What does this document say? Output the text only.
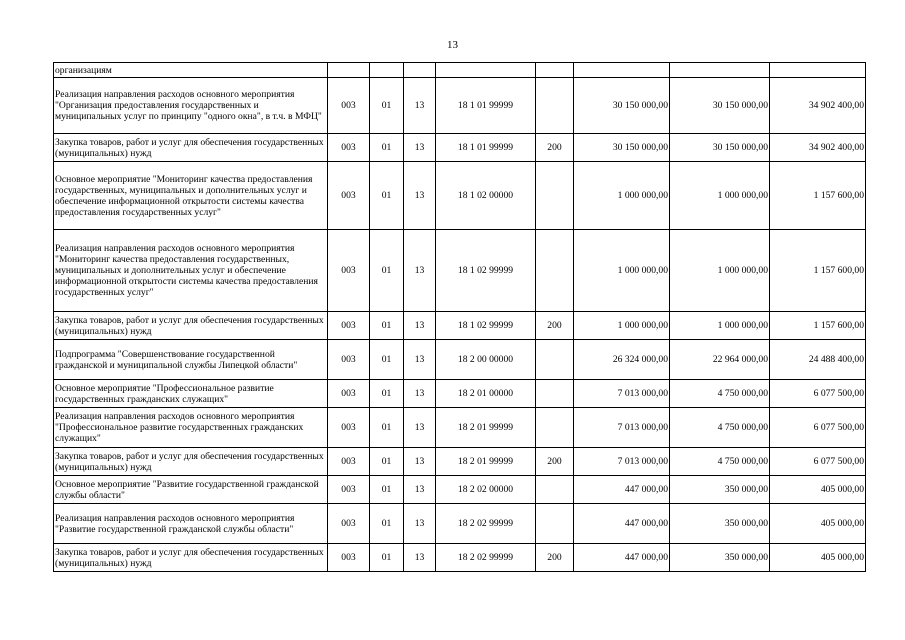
13
организациям								
Реализация направления расходов основного мероприятия "Организация предоставления государственных и муниципальных услуг по принципу "одного окна", в т.ч. в МФЦ"	003	01	13	18 1 01 99999		30 150 000,00	30 150 000,00	34 902 400,00
Закупка товаров, работ и услуг для обеспечения государственных (муниципальных) нужд	003	01	13	18 1 01 99999	200	30 150 000,00	30 150 000,00	34 902 400,00
Основное мероприятие "Мониторинг качества предоставления государственных, муниципальных и дополнительных услуг и обеспечение информационной открытости системы качества предоставления государственных услуг"	003	01	13	18 1 02 00000		1 000 000,00	1 000 000,00	1 157 600,00
Реализация направления расходов основного мероприятия "Мониторинг качества предоставления государственных, муниципальных и дополнительных услуг и обеспечение информационной открытости системы качества предоставления государственных услуг"	003	01	13	18 1 02 99999		1 000 000,00	1 000 000,00	1 157 600,00
Закупка товаров, работ и услуг для обеспечения государственных (муниципальных) нужд	003	01	13	18 1 02 99999	200	1 000 000,00	1 000 000,00	1 157 600,00
Подпрограмма "Совершенствование государственной гражданской и муниципальной службы Липецкой области"	003	01	13	18 2 00 00000		26 324 000,00	22 964 000,00	24 488 400,00
Основное мероприятие "Профессиональное развитие государственных гражданских служащих"	003	01	13	18 2 01 00000		7 013 000,00	4 750 000,00	6 077 500,00
Реализация направления расходов основного мероприятия "Профессиональное развитие государственных гражданских служащих"	003	01	13	18 2 01 99999		7 013 000,00	4 750 000,00	6 077 500,00
Закупка товаров, работ и услуг для обеспечения государственных (муниципальных) нужд	003	01	13	18 2 01 99999	200	7 013 000,00	4 750 000,00	6 077 500,00
Основное мероприятие "Развитие государственной гражданской службы области"	003	01	13	18 2 02 00000		447 000,00	350 000,00	405 000,00
Реализация направления расходов основного мероприятия "Развитие государственной гражданской службы области"	003	01	13	18 2 02 99999		447 000,00	350 000,00	405 000,00
Закупка товаров, работ и услуг для обеспечения государственных (муниципальных) нужд	003	01	13	18 2 02 99999	200	447 000,00	350 000,00	405 000,00
